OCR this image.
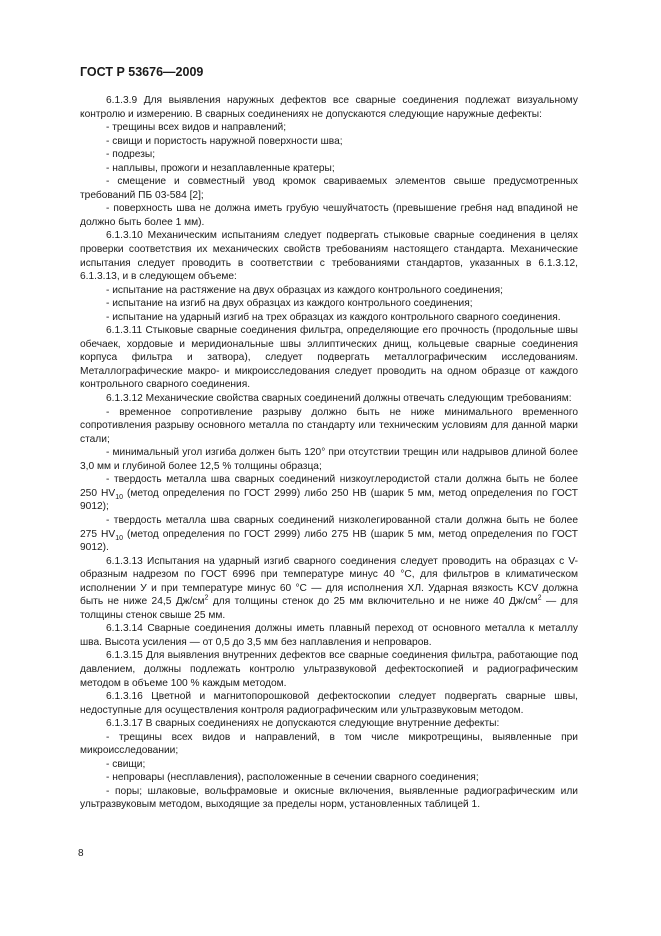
ГОСТ Р 53676—2009

6.1.3.9 Для выявления наружных дефектов все сварные соединения подлежат визуальному контролю и измерению. В сварных соединениях не допускаются следующие наружные дефекты:

- трещины всех видов и направлений;

- свищи и пористость наружной поверхности шва;

- подрезы;

- наплывы, прожоги и незаплавленные кратеры;

- смещение и совместный увод кромок свариваемых элементов свыше предусмотренных требований ПБ 03-584 [2];

- поверхность шва не должна иметь грубую чешуйчатость (превышение гребня над впадиной не должно быть более 1 мм).

6.1.3.10 Механическим испытаниям следует подвергать стыковые сварные соединения в целях проверки соответствия их механических свойств требованиям настоящего стандарта. Механические испытания следует проводить в соответствии с требованиями стандартов, указанных в 6.1.3.12, 6.1.3.13, и в следующем объеме:

- испытание на растяжение на двух образцах из каждого контрольного соединения;

- испытание на изгиб на двух образцах из каждого контрольного соединения;

- испытание на ударный изгиб на трех образцах из каждого контрольного сварного соединения.

6.1.3.11 Стыковые сварные соединения фильтра, определяющие его прочность (продольные швы обечаек, хордовые и меридиональные швы эллиптических днищ, кольцевые сварные соединения корпуса фильтра и затвора), следует подвергать металлографическим исследованиям. Металлографические макро- и микроисследования следует проводить на одном образце от каждого контрольного сварного соединения.

6.1.3.12 Механические свойства сварных соединений должны отвечать следующим требованиям:

- временное сопротивление разрыву должно быть не ниже минимального временного сопротивления разрыву основного металла по стандарту или техническим условиям для данной марки стали;

- минимальный угол изгиба должен быть 120° при отсутствии трещин или надрывов длиной более 3,0 мм и глубиной более 12,5 % толщины образца;

- твердость металла шва сварных соединений низкоуглеродистой стали должна быть не более 250 $HV_{10}$ (метод определения по ГОСТ 2999) либо 250 НВ (шарик 5 мм, метод определения по ГОСТ 9012);

- твердость металла шва сварных соединений низколегированной стали должна быть не более 275 $HV_{10}$ (метод определения по ГОСТ 2999) либо 275 НВ (шарик 5 мм, метод определения по ГОСТ 9012).

6.1.3.13 Испытания на ударный изгиб сварного соединения следует проводить на образцах с V-образным надрезом по ГОСТ 6996 при температуре минус 40 °С, для фильтров в климатическом исполнении У и при температуре минус 60 °С — для исполнения ХЛ. Ударная вязкость KCV должна быть не ниже 24,5 $Дж/см^2$ для толщины стенок до 25 мм включительно и не ниже 40 $Дж/см^2$ — для толщины стенок свыше 25 мм.

6.1.3.14 Сварные соединения должны иметь плавный переход от основного металла к металлу шва. Высота усиления — от 0,5 до 3,5 мм без наплавления и непроваров.

6.1.3.15 Для выявления внутренних дефектов все сварные соединения фильтра, работающие под давлением, должны подлежать контролю ультразвуковой дефектоскопией и радиографическим методом в объеме 100 % каждым методом.

6.1.3.16 Цветной и магнитопорошковой дефектоскопии следует подвергать сварные швы, недоступные для осуществления контроля радиографическим или ультразвуковым методом.

6.1.3.17 В сварных соединениях не допускаются следующие внутренние дефекты:

- трещины всех видов и направлений, в том числе микротрещины, выявленные при микроисследовании;

- свищи;

- непровары (несплавления), расположенные в сечении сварного соединения;

- поры; шлаковые, вольфрамовые и окисные включения, выявленные радиографическим или ультразвуковым методом, выходящие за пределы норм, установленных таблицей 1.

8
